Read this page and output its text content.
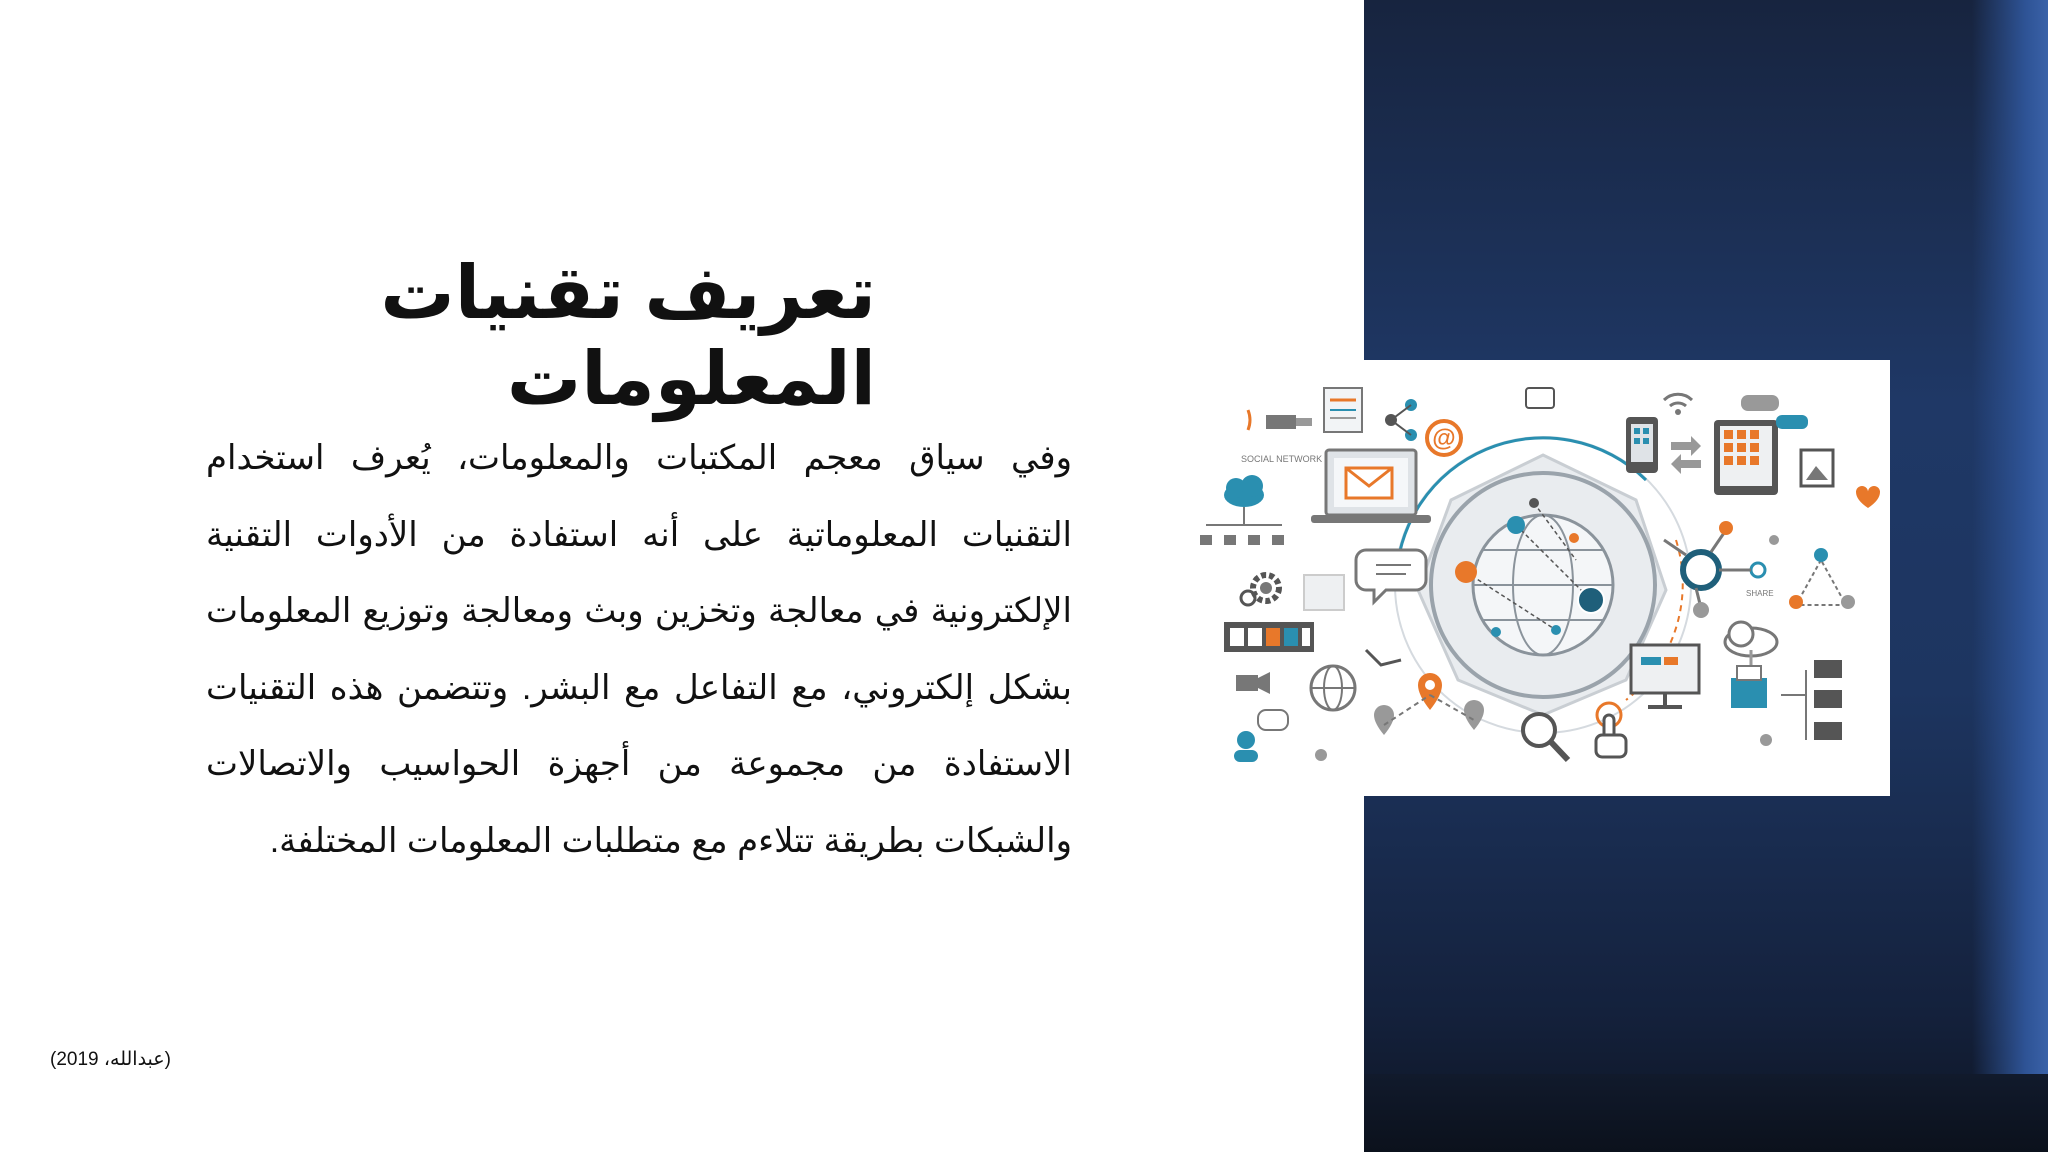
تعريف تقنيات المعلومات

وفي سياق معجم المكتبات والمعلومات، يُعرف استخدام التقنيات المعلوماتية على أنه استفادة من الأدوات التقنية الإلكترونية في معالجة وتخزين وبث ومعالجة وتوزيع المعلومات بشكل إلكتروني، مع التفاعل مع البشر. وتتضمن هذه التقنيات الاستفادة من مجموعة من أجهزة الحواسيب والاتصالات والشبكات بطريقة تتلاءم مع متطلبات المعلومات المختلفة.

(عبدالله، 2019)
SOCIAL NETWORK
@
SHARE
